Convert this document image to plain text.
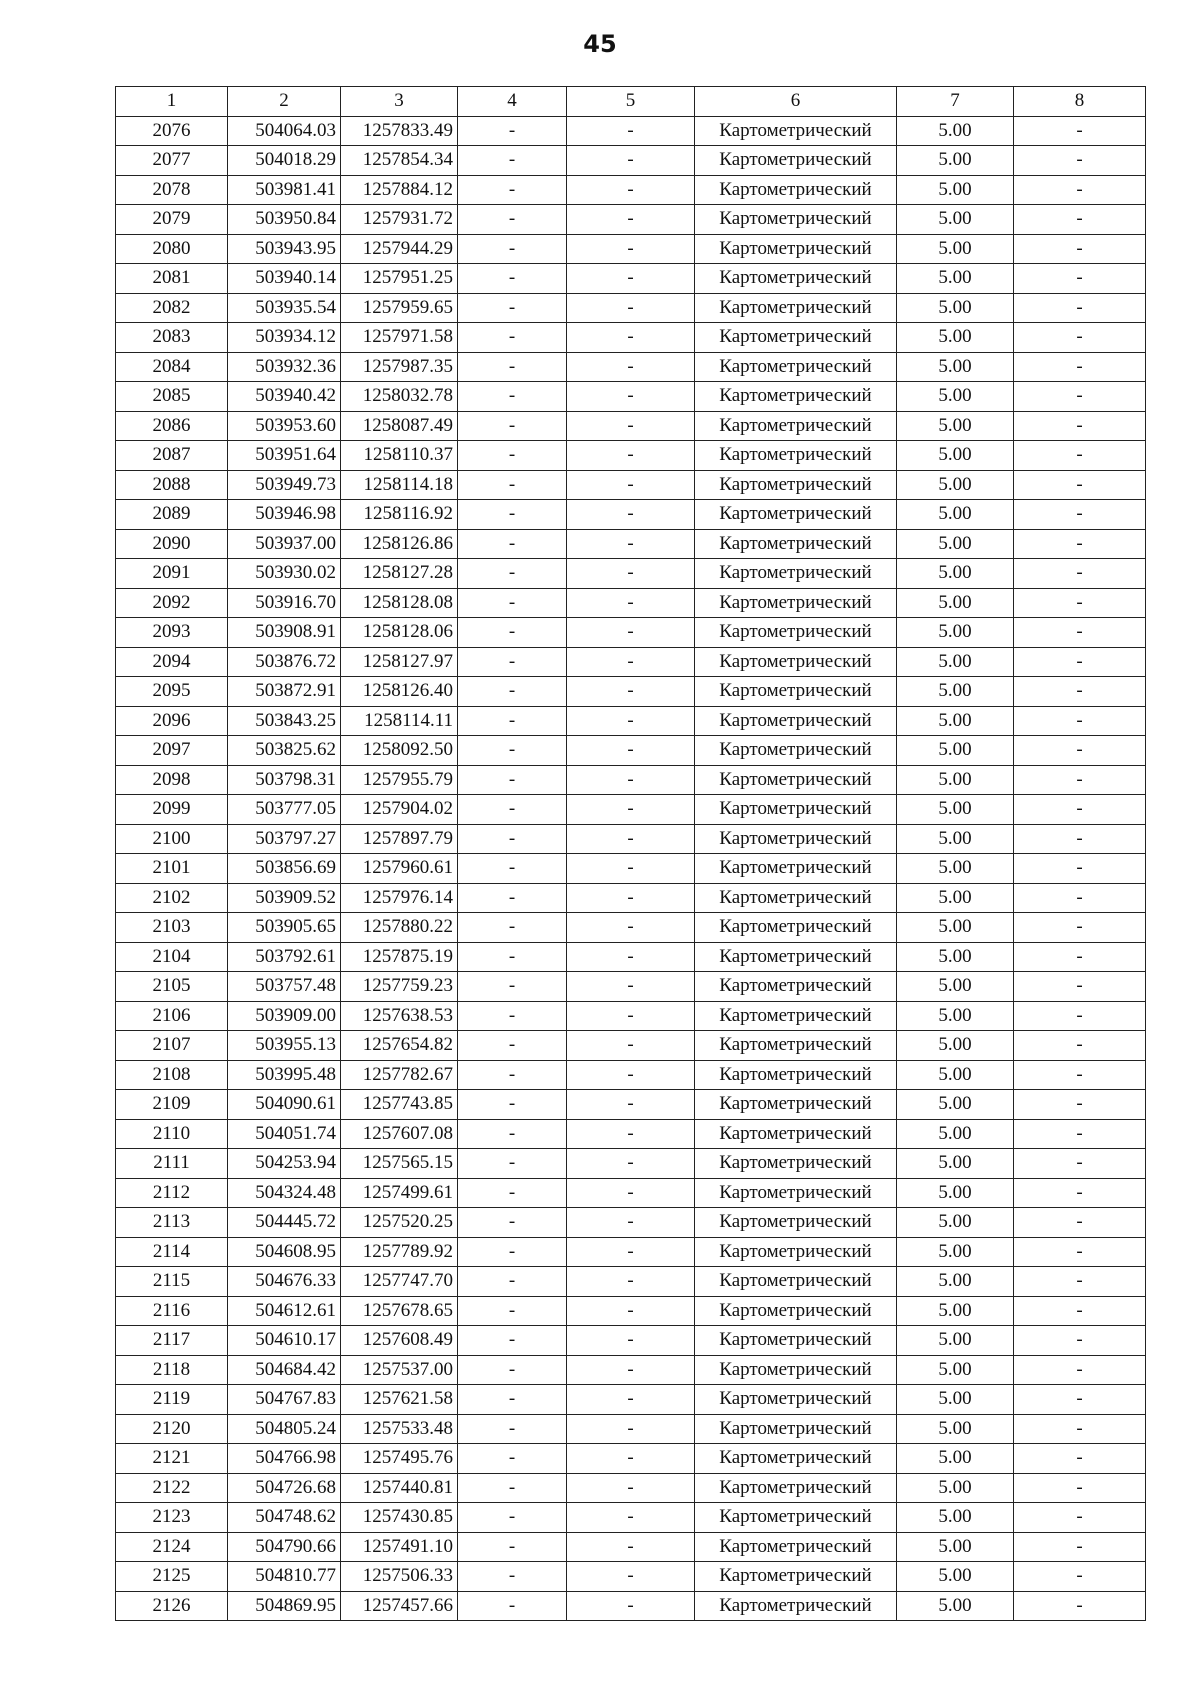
45
1	2	3	4	5	6	7	8
2076	504064.03	1257833.49	-	-	Картометрический	5.00	-
2077	504018.29	1257854.34	-	-	Картометрический	5.00	-
2078	503981.41	1257884.12	-	-	Картометрический	5.00	-
2079	503950.84	1257931.72	-	-	Картометрический	5.00	-
2080	503943.95	1257944.29	-	-	Картометрический	5.00	-
2081	503940.14	1257951.25	-	-	Картометрический	5.00	-
2082	503935.54	1257959.65	-	-	Картометрический	5.00	-
2083	503934.12	1257971.58	-	-	Картометрический	5.00	-
2084	503932.36	1257987.35	-	-	Картометрический	5.00	-
2085	503940.42	1258032.78	-	-	Картометрический	5.00	-
2086	503953.60	1258087.49	-	-	Картометрический	5.00	-
2087	503951.64	1258110.37	-	-	Картометрический	5.00	-
2088	503949.73	1258114.18	-	-	Картометрический	5.00	-
2089	503946.98	1258116.92	-	-	Картометрический	5.00	-
2090	503937.00	1258126.86	-	-	Картометрический	5.00	-
2091	503930.02	1258127.28	-	-	Картометрический	5.00	-
2092	503916.70	1258128.08	-	-	Картометрический	5.00	-
2093	503908.91	1258128.06	-	-	Картометрический	5.00	-
2094	503876.72	1258127.97	-	-	Картометрический	5.00	-
2095	503872.91	1258126.40	-	-	Картометрический	5.00	-
2096	503843.25	1258114.11	-	-	Картометрический	5.00	-
2097	503825.62	1258092.50	-	-	Картометрический	5.00	-
2098	503798.31	1257955.79	-	-	Картометрический	5.00	-
2099	503777.05	1257904.02	-	-	Картометрический	5.00	-
2100	503797.27	1257897.79	-	-	Картометрический	5.00	-
2101	503856.69	1257960.61	-	-	Картометрический	5.00	-
2102	503909.52	1257976.14	-	-	Картометрический	5.00	-
2103	503905.65	1257880.22	-	-	Картометрический	5.00	-
2104	503792.61	1257875.19	-	-	Картометрический	5.00	-
2105	503757.48	1257759.23	-	-	Картометрический	5.00	-
2106	503909.00	1257638.53	-	-	Картометрический	5.00	-
2107	503955.13	1257654.82	-	-	Картометрический	5.00	-
2108	503995.48	1257782.67	-	-	Картометрический	5.00	-
2109	504090.61	1257743.85	-	-	Картометрический	5.00	-
2110	504051.74	1257607.08	-	-	Картометрический	5.00	-
2111	504253.94	1257565.15	-	-	Картометрический	5.00	-
2112	504324.48	1257499.61	-	-	Картометрический	5.00	-
2113	504445.72	1257520.25	-	-	Картометрический	5.00	-
2114	504608.95	1257789.92	-	-	Картометрический	5.00	-
2115	504676.33	1257747.70	-	-	Картометрический	5.00	-
2116	504612.61	1257678.65	-	-	Картометрический	5.00	-
2117	504610.17	1257608.49	-	-	Картометрический	5.00	-
2118	504684.42	1257537.00	-	-	Картометрический	5.00	-
2119	504767.83	1257621.58	-	-	Картометрический	5.00	-
2120	504805.24	1257533.48	-	-	Картометрический	5.00	-
2121	504766.98	1257495.76	-	-	Картометрический	5.00	-
2122	504726.68	1257440.81	-	-	Картометрический	5.00	-
2123	504748.62	1257430.85	-	-	Картометрический	5.00	-
2124	504790.66	1257491.10	-	-	Картометрический	5.00	-
2125	504810.77	1257506.33	-	-	Картометрический	5.00	-
2126	504869.95	1257457.66	-	-	Картометрический	5.00	-
